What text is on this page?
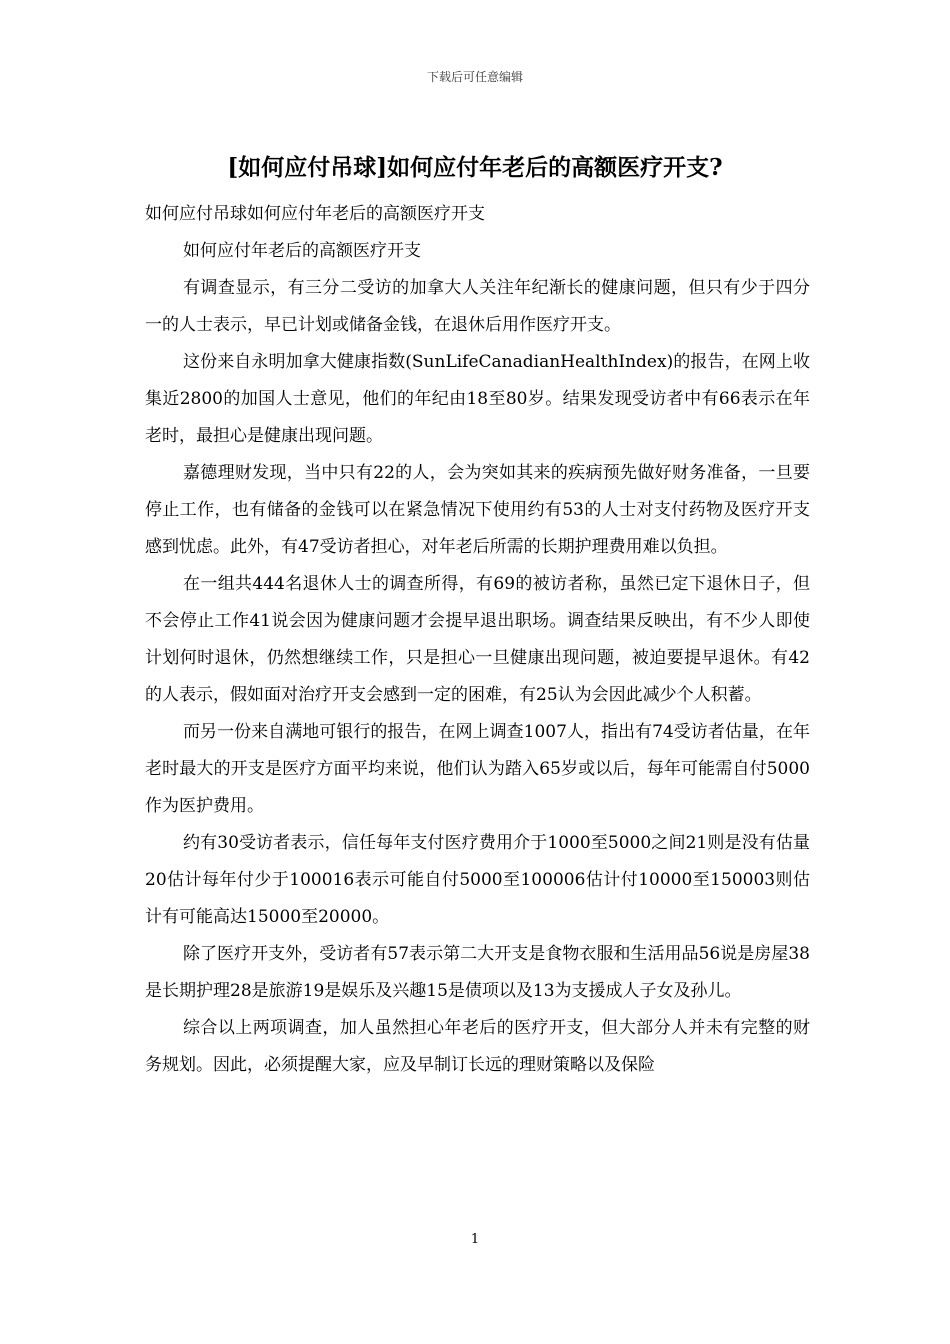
下载后可任意编辑
[如何应付吊球]如何应付年老后的高额医疗开支?

如何应付吊球如何应付年老后的高额医疗开支

如何应付年老后的高额医疗开支

有调查显示，有三分二受访的加拿大人关注年纪渐长的健康问题，但只有少于四分一的人士表示，早已计划或储备金钱，在退休后用作医疗开支。

这份来自永明加拿大健康指数(SunLifeCanadianHealthIndex)的报告，在网上收集近2800的加国人士意见，他们的年纪由18至80岁。结果发现受访者中有66表示在年老时，最担心是健康出现问题。

嘉德理财发现，当中只有22的人，会为突如其来的疾病预先做好财务准备，一旦要停止工作，也有储备的金钱可以在紧急情况下使用约有53的人士对支付药物及医疗开支感到忧虑。此外，有47受访者担心，对年老后所需的长期护理费用难以负担。

在一组共444名退休人士的调查所得，有69的被访者称，虽然已定下退休日子，但不会停止工作41说会因为健康问题才会提早退出职场。调查结果反映出，有不少人即使计划何时退休，仍然想继续工作，只是担心一旦健康出现问题，被迫要提早退休。有42的人表示，假如面对治疗开支会感到一定的困难，有25认为会因此减少个人积蓄。

而另一份来自满地可银行的报告，在网上调查1007人，指出有74受访者估量，在年老时最大的开支是医疗方面平均来说，他们认为踏入65岁或以后，每年可能需自付5000作为医护费用。

约有30受访者表示，信任每年支付医疗费用介于1000至5000之间21则是没有估量20估计每年付少于100016表示可能自付5000至100006估计付10000至150003则估计有可能高达15000至20000。

除了医疗开支外，受访者有57表示第二大开支是食物衣服和生活用品56说是房屋38是长期护理28是旅游19是娱乐及兴趣15是债项以及13为支援成人子女及孙儿。

综合以上两项调查，加人虽然担心年老后的医疗开支，但大部分人并未有完整的财务规划。因此，必须提醒大家，应及早制订长远的理财策略以及保险

1
